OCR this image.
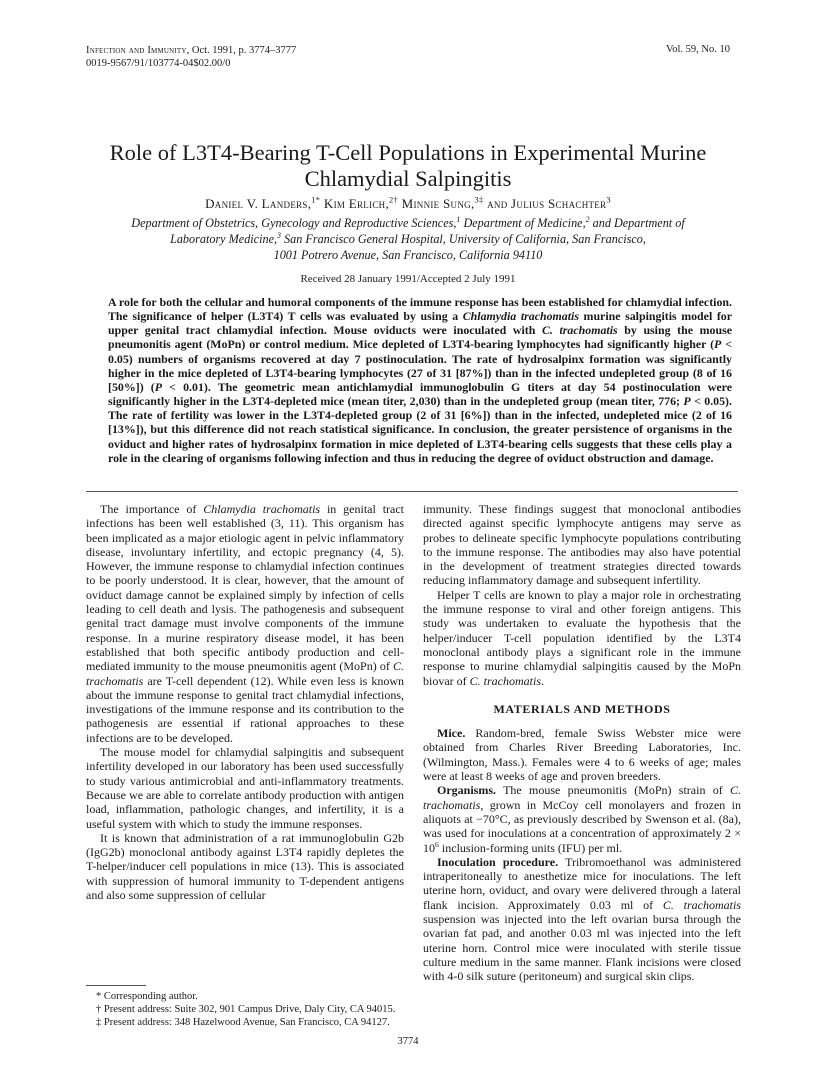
Infection and Immunity, Oct. 1991, p. 3774–3777
0019-9567/91/103774-04$02.00/0
Vol. 59, No. 10
Role of L3T4-Bearing T-Cell Populations in Experimental Murine
Chlamydial Salpingitis
Daniel V. Landers,$^{1*}$ Kim Erlich,$^{2\dagger}$ Minnie Sung,$^{3\ddagger}$ and Julius Schachter$^3$
Department of Obstetrics, Gynecology and Reproductive Sciences,$^1$ Department of Medicine,$^2$ and Department of
Laboratory Medicine,$^3$ San Francisco General Hospital, University of California, San Francisco,
1001 Potrero Avenue, San Francisco, California 94110
Received 28 January 1991/Accepted 2 July 1991

A role for both the cellular and humoral components of the immune response has been established for chlamydial infection. The significance of helper (L3T4) T cells was evaluated by using a Chlamydia trachomatis murine salpingitis model for upper genital tract chlamydial infection. Mouse oviducts were inoculated with C. trachomatis by using the mouse pneumonitis agent (MoPn) or control medium. Mice depleted of L3T4-bearing lymphocytes had significantly higher (P < 0.05) numbers of organisms recovered at day 7 postinoculation. The rate of hydrosalpinx formation was significantly higher in the mice depleted of L3T4-bearing lymphocytes (27 of 31 [87%]) than in the infected undepleted group (8 of 16 [50%]) (P < 0.01). The geometric mean antichlamydial immunoglobulin G titers at day 54 postinoculation were significantly higher in the L3T4-depleted mice (mean titer, 2,030) than in the undepleted group (mean titer, 776; P < 0.05). The rate of fertility was lower in the L3T4-depleted group (2 of 31 [6%]) than in the infected, undepleted mice (2 of 16 [13%]), but this difference did not reach statistical significance. In conclusion, the greater persistence of organisms in the oviduct and higher rates of hydrosalpinx formation in mice depleted of L3T4-bearing cells suggests that these cells play a role in the clearing of organisms following infection and thus in reducing the degree of oviduct obstruction and damage.

The importance of Chlamydia trachomatis in genital tract infections has been well established (3, 11). This organism has been implicated as a major etiologic agent in pelvic inflammatory disease, involuntary infertility, and ectopic pregnancy (4, 5). However, the immune response to chlamydial infection continues to be poorly understood. It is clear, however, that the amount of oviduct damage cannot be explained simply by infection of cells leading to cell death and lysis. The pathogenesis and subsequent genital tract damage must involve components of the immune response. In a murine respiratory disease model, it has been established that both specific antibody production and cell-mediated immunity to the mouse pneumonitis agent (MoPn) of C. trachomatis are T-cell dependent (12). While even less is known about the immune response to genital tract chlamydial infections, investigations of the immune response and its contribution to the pathogenesis are essential if rational approaches to these infections are to be developed.

The mouse model for chlamydial salpingitis and subsequent infertility developed in our laboratory has been used successfully to study various antimicrobial and anti-inflammatory treatments. Because we are able to correlate antibody production with antigen load, inflammation, pathologic changes, and infertility, it is a useful system with which to study the immune responses.

It is known that administration of a rat immunoglobulin G2b (IgG2b) monoclonal antibody against L3T4 rapidly depletes the T-helper/inducer cell populations in mice (13). This is associated with suppression of humoral immunity to T-dependent antigens and also some suppression of cellular

immunity. These findings suggest that monoclonal antibodies directed against specific lymphocyte antigens may serve as probes to delineate specific lymphocyte populations contributing to the immune response. The antibodies may also have potential in the development of treatment strategies directed towards reducing inflammatory damage and subsequent infertility.

Helper T cells are known to play a major role in orchestrating the immune response to viral and other foreign antigens. This study was undertaken to evaluate the hypothesis that the helper/inducer T-cell population identified by the L3T4 monoclonal antibody plays a significant role in the immune response to murine chlamydial salpingitis caused by the MoPn biovar of C. trachomatis.

MATERIALS AND METHODS

Mice. Random-bred, female Swiss Webster mice were obtained from Charles River Breeding Laboratories, Inc. (Wilmington, Mass.). Females were 4 to 6 weeks of age; males were at least 8 weeks of age and proven breeders.

Organisms. The mouse pneumonitis (MoPn) strain of C. trachomatis, grown in McCoy cell monolayers and frozen in aliquots at −70°C, as previously described by Swenson et al. (8a), was used for inoculations at a concentration of approximately $2 \times 10^6$ inclusion-forming units (IFU) per ml.

Inoculation procedure. Tribromoethanol was administered intraperitoneally to anesthetize mice for inoculations. The left uterine horn, oviduct, and ovary were delivered through a lateral flank incision. Approximately 0.03 ml of C. trachomatis suspension was injected into the left ovarian bursa through the ovarian fat pad, and another 0.03 ml was injected into the left uterine horn. Control mice were inoculated with sterile tissue culture medium in the same manner. Flank incisions were closed with 4-0 silk suture (peritoneum) and surgical skin clips.

* Corresponding author.

† Present address: Suite 302, 901 Campus Drive, Daly City, CA 94015.

‡ Present address: 348 Hazelwood Avenue, San Francisco, CA 94127.

3774
